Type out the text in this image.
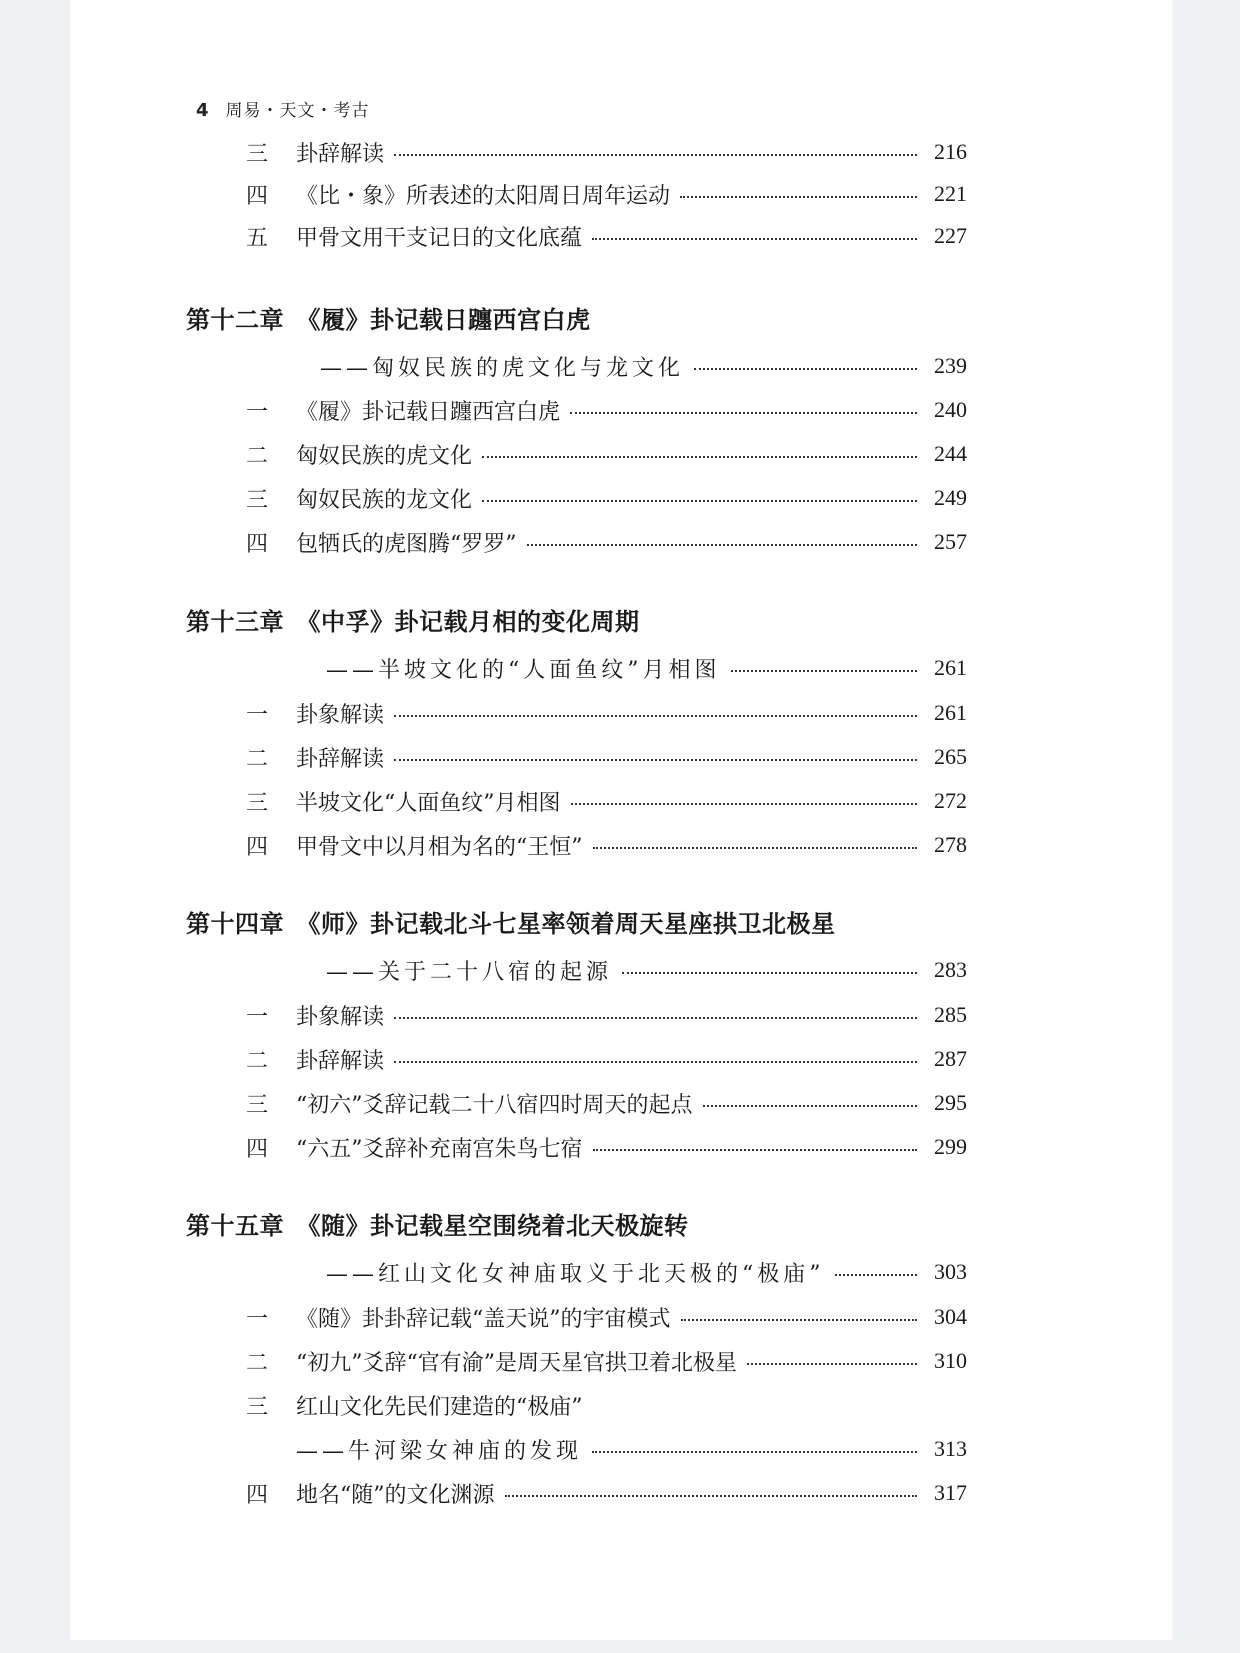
4 周易・天文・考古
三	卦辞解读	216
四	《比・象》所表述的太阳周日周年运动	221
五	甲骨文用干支记日的文化底蕴	227
第十二章　《履》卦记载日躔西宫白虎
——匈奴民族的虎文化与龙文化	239
一	《履》卦记载日躔西宫白虎	240
二	匈奴民族的虎文化	244
三	匈奴民族的龙文化	249
四	包牺氏的虎图腾“罗罗”	257
第十三章　《中孚》卦记载月相的变化周期
——半坡文化的“人面鱼纹”月相图	261
一	卦象解读	261
二	卦辞解读	265
三	半坡文化“人面鱼纹”月相图	272
四	甲骨文中以月相为名的“王恒”	278
第十四章　《师》卦记载北斗七星率领着周天星座拱卫北极星
——关于二十八宿的起源	283
一	卦象解读	285
二	卦辞解读	287
三	“初六”爻辞记载二十八宿四时周天的起点	295
四	“六五”爻辞补充南宫朱鸟七宿	299
第十五章　《随》卦记载星空围绕着北天极旋转
——红山文化女神庙取义于北天极的“极庙”	303
一	《随》卦卦辞记载“盖天说”的宇宙模式	304
二	“初九”爻辞“官有渝”是周天星官拱卫着北极星	310
三	红山文化先民们建造的“极庙”
——牛河梁女神庙的发现	313
四	地名“随”的文化渊源	317
